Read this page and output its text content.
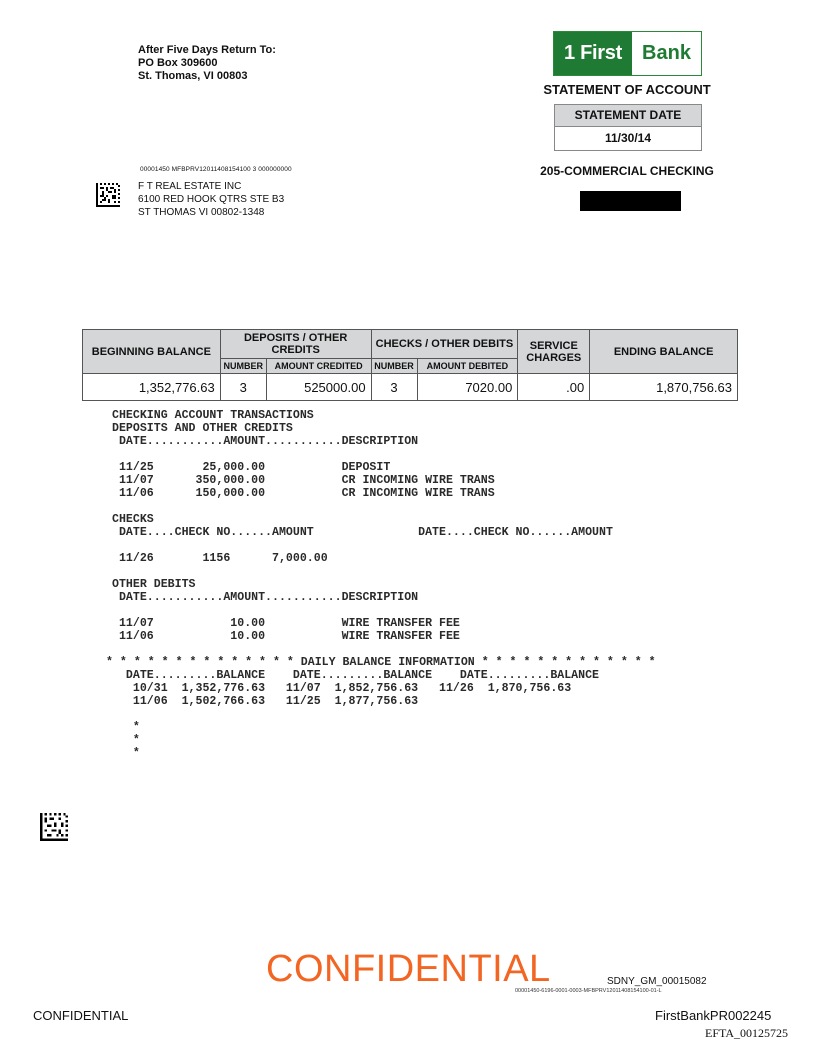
After Five Days Return To:
PO Box 309600
St. Thomas, VI 00803
1 First	Bank
STATEMENT OF ACCOUNT
STATEMENT DATE
11/30/14
205-COMMERCIAL CHECKING
00001450 MFBPRV12011408154100 3 000000000
F T REAL ESTATE INC
6100 RED HOOK QTRS STE B3
ST THOMAS VI 00802-1348
BEGINNING BALANCE	DEPOSITS / OTHER CREDITS		CHECKS / OTHER DEBITS		SERVICE CHARGES	ENDING BALANCE
	NUMBER	AMOUNT CREDITED	NUMBER	AMOUNT DEBITED		
1,352,776.63	3	525000.00	3	7020.00	.00	1,870,756.63
CHECKING ACCOUNT TRANSACTIONS
DEPOSITS AND OTHER CREDITS
DATE...........AMOUNT...........DESCRIPTION
11/25       25,000.00           DEPOSIT
11/07      350,000.00           CR INCOMING WIRE TRANS
11/06      150,000.00           CR INCOMING WIRE TRANS
CHECKS
DATE....CHECK NO......AMOUNT               DATE....CHECK NO......AMOUNT
11/26       1156      7,000.00
OTHER DEBITS
DATE...........AMOUNT...........DESCRIPTION
11/07           10.00           WIRE TRANSFER FEE
11/06           10.00           WIRE TRANSFER FEE
* * * * * * * * * * * * * * DAILY BALANCE INFORMATION * * * * * * * * * * * * *
DATE.........BALANCE    DATE.........BALANCE    DATE.........BALANCE
10/31  1,352,776.63   11/07  1,852,756.63   11/26  1,870,756.63
11/06  1,502,766.63   11/25  1,877,756.63
*
*
*
CONFIDENTIAL	SDNY_GM_00015082
00001450-6196-0001-0003-MFBPRV12011408154100-01-L
CONFIDENTIAL	FirstBankPR002245
EFTA_00125725
